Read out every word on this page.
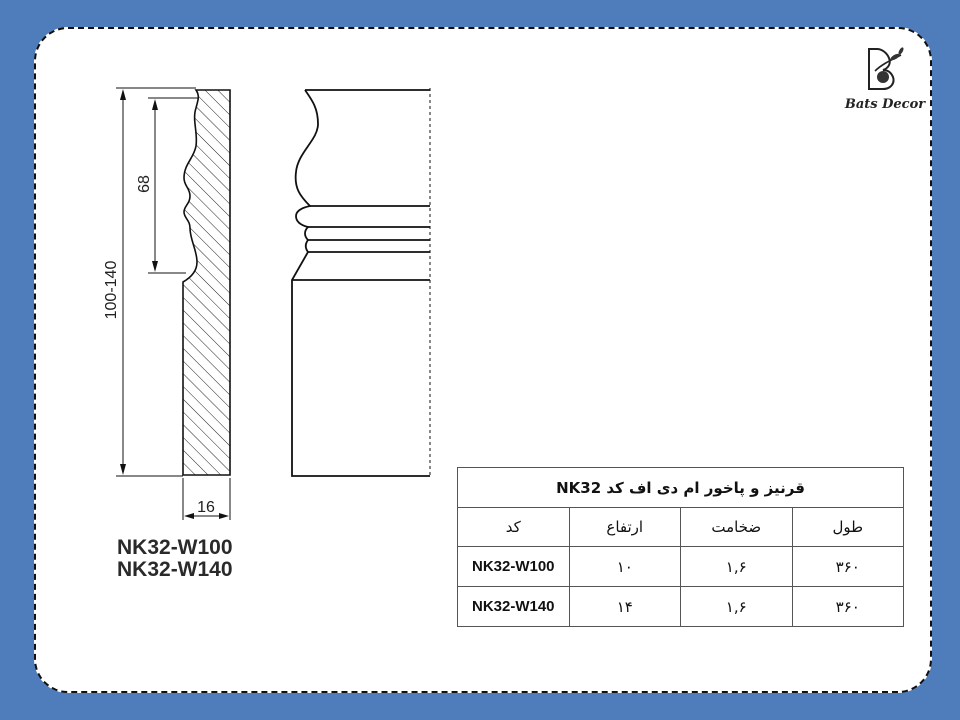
Bats Decor
100-140
68
16
NK32-W100
NK32-W140
قرنیز و پاخور ام دی اف کد NK32			
کد	ارتفاع	ضخامت	طول
NK32-W100	۱۰	۱,۶	۳۶۰
NK32-W140	۱۴	۱,۶	۳۶۰
